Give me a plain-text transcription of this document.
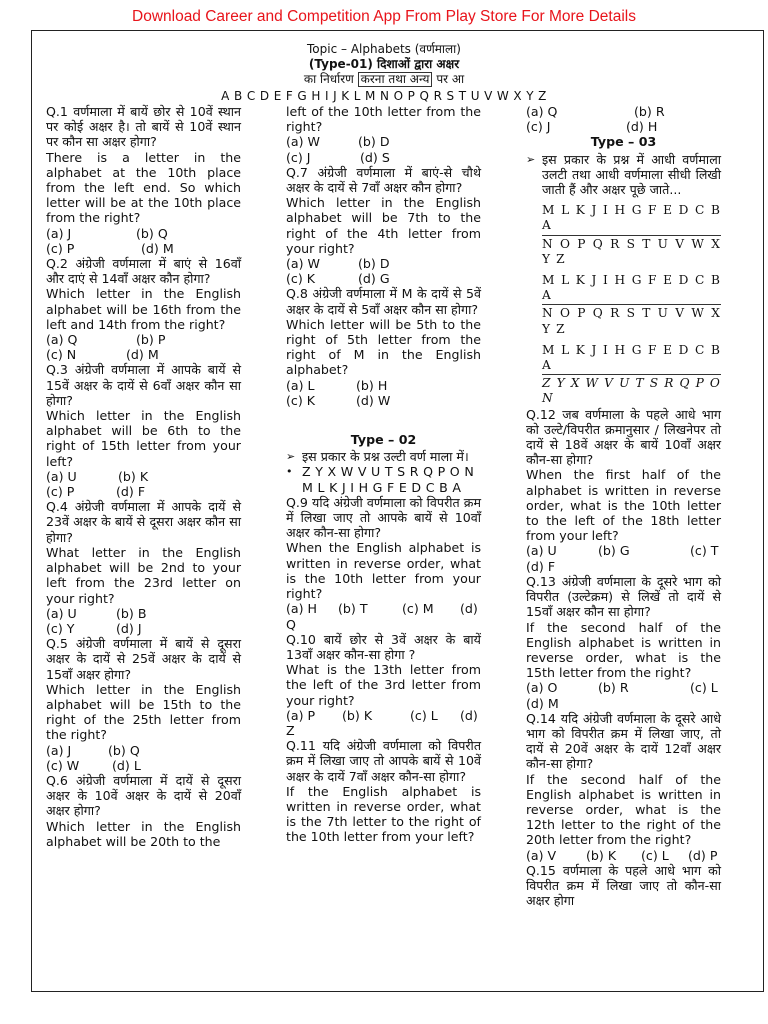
Download Career and Competition App From Play Store For More Details
Topic – Alphabets (वर्णमाला)
(Type-01) दिशाओं द्वारा अक्षर
का निर्धारण करना तथा अन्य पर आ
A B C D E F G H I J K L M N O P Q R S T U V W X Y Z

Q.1 वर्णमाला में बायें छोर से 10वें स्थान पर कोई अक्षर है। तो बायें से 10वें स्थान पर कौन सा अक्षर होगा?

There is a letter in the alphabet at the 10th place from the left end. So which letter will be at the 10th place from the right?

(a) J	(b) Q
(c) P	(d) M

Q.2 अंग्रेजी वर्णमाला में बाएं से 16वाँ और दाएं से 14वाँ अक्षर कौन होगा?

Which letter in the English alphabet will be 16th from the left and 14th from the right?

(a) Q	(b) P
(c) N	(d) M

Q.3 अंग्रेजी वर्णमाला में आपके बायें से 15वें अक्षर के दायें से 6वाँ अक्षर कौन सा होगा?

Which letter in the English alphabet will be 6th to the right of 15th letter from your left?

(a) U	(b) K
(c) P	(d) F

Q.4 अंग्रेजी वर्णमाला में आपके दायें से 23वें अक्षर के बायें से दूसरा अक्षर कौन सा होगा?

What letter in the English alphabet will be 2nd to your left from the 23rd letter on your right?

(a) U	(b) B
(c) Y	(d) J

Q.5 अंग्रेजी वर्णमाला में बायें से दूसरा अक्षर के दायें से 25वें अक्षर के दायें से 15वाँ अक्षर होगा?

Which letter in the English alphabet will be 15th to the right of the 25th letter from the right?

(a) J	(b) Q
(c) W	(d) L

Q.6 अंग्रेजी वर्णमाला में दायें से दूसरा अक्षर के 10वें अक्षर के दायें से 20वाँ अक्षर होगा?

Which letter in the English alphabet will be 20th to the

left of the 10th letter from the right?

(a) W	(b) D
(c) J	(d) S

Q.7 अंग्रेजी वर्णमाला में बाएं-से चौथे अक्षर के दायें से 7वाँ अक्षर कौन होगा?

Which letter in the English alphabet will be 7th to the right of the 4th letter from your right?

(a) W	(b) D
(c) K	(d) G

Q.8 अंग्रेजी वर्णमाला में M के दायें से 5वें अक्षर के दायें से 5वाँ अक्षर कौन सा होगा?

Which letter will be 5th to the right of 5th letter from the right of M in the English alphabet?

(a) L	(b) H
(c) K	(d) W
Type – 02
➢ इस प्रकार के प्रश्न उल्टी वर्ण माला में।
• Z Y X W V U T S R Q P O N M L K J I H G F E D C B A

Q.9 यदि अंग्रेजी वर्णमाला को विपरीत क्रम में लिखा जाए तो आपके बायें से 10वाँ अक्षर कौन-सा होगा?

When the English alphabet is written in reverse order, what is the 10th letter from your right?

(a) H	(b) T	(c) M	(d)
Q

Q.10 बायें छोर से 3वें अक्षर के बायें 13वाँ अक्षर कौन-सा होगा ?

What is the 13th letter from the left of the 3rd letter from your right?

(a) P	(b) K	(c) L	(d)
Z

Q.11 यदि अंग्रेजी वर्णमाला को विपरीत क्रम में लिखा जाए तो आपके बायें से 10वें अक्षर के दायें 7वाँ अक्षर कौन-सा होगा?

If the English alphabet is written in reverse order, what is the 7th letter to the right of the 10th letter from your left?

(a) Q	(b) R
(c) J	(d) H
Type – 03
➢ इस प्रकार के प्रश्न में आधी वर्णमाला उलटी तथा आधी वर्णमाला सीधी लिखी जाती हैं और अक्षर पूछे जाते...
M L K J I H G F E D C B A
N O P Q R S T U V W X Y Z
M L K J I H G F E D C B A
N O P Q R S T U V W X Y Z
M L K J I H G F E D C B A
Z Y X W V U T S R Q P O N

Q.12 जब वर्णमाला के पहले आधे भाग को उल्टे/विपरीत क्रमानुसार / लिखनेपर तो दायें से 18वें अक्षर के बायें 10वाँ अक्षर कौन-सा होगा?

When the first half of the alphabet is written in reverse order, what is the 10th letter to the left of the 18th letter from your left?

(a) U	(b) G	(c) T
(d) F

Q.13 अंग्रेजी वर्णमाला के दूसरे भाग को विपरीत (उल्टेक्रम) से लिखें तो दायें से 15वाँ अक्षर कौन सा होगा?

If the second half of the English alphabet is written in reverse order, what is the 15th letter from the right?

(a) O	(b) R	(c) L
(d) M

Q.14 यदि अंग्रेजी वर्णमाला के दूसरे आधे भाग को विपरीत क्रम में लिखा जाए, तो दायें से 20वें अक्षर के दायें 12वाँ अक्षर कौन-सा होगा?

If the second half of the English alphabet is written in reverse order, what is the 12th letter to the right of the 20th letter from the right?

(a) V	(b) K	(c) L	(d) P

Q.15 वर्णमाला के पहले आधे भाग को विपरीत क्रम में लिखा जाए तो कौन-सा अक्षर होगा
